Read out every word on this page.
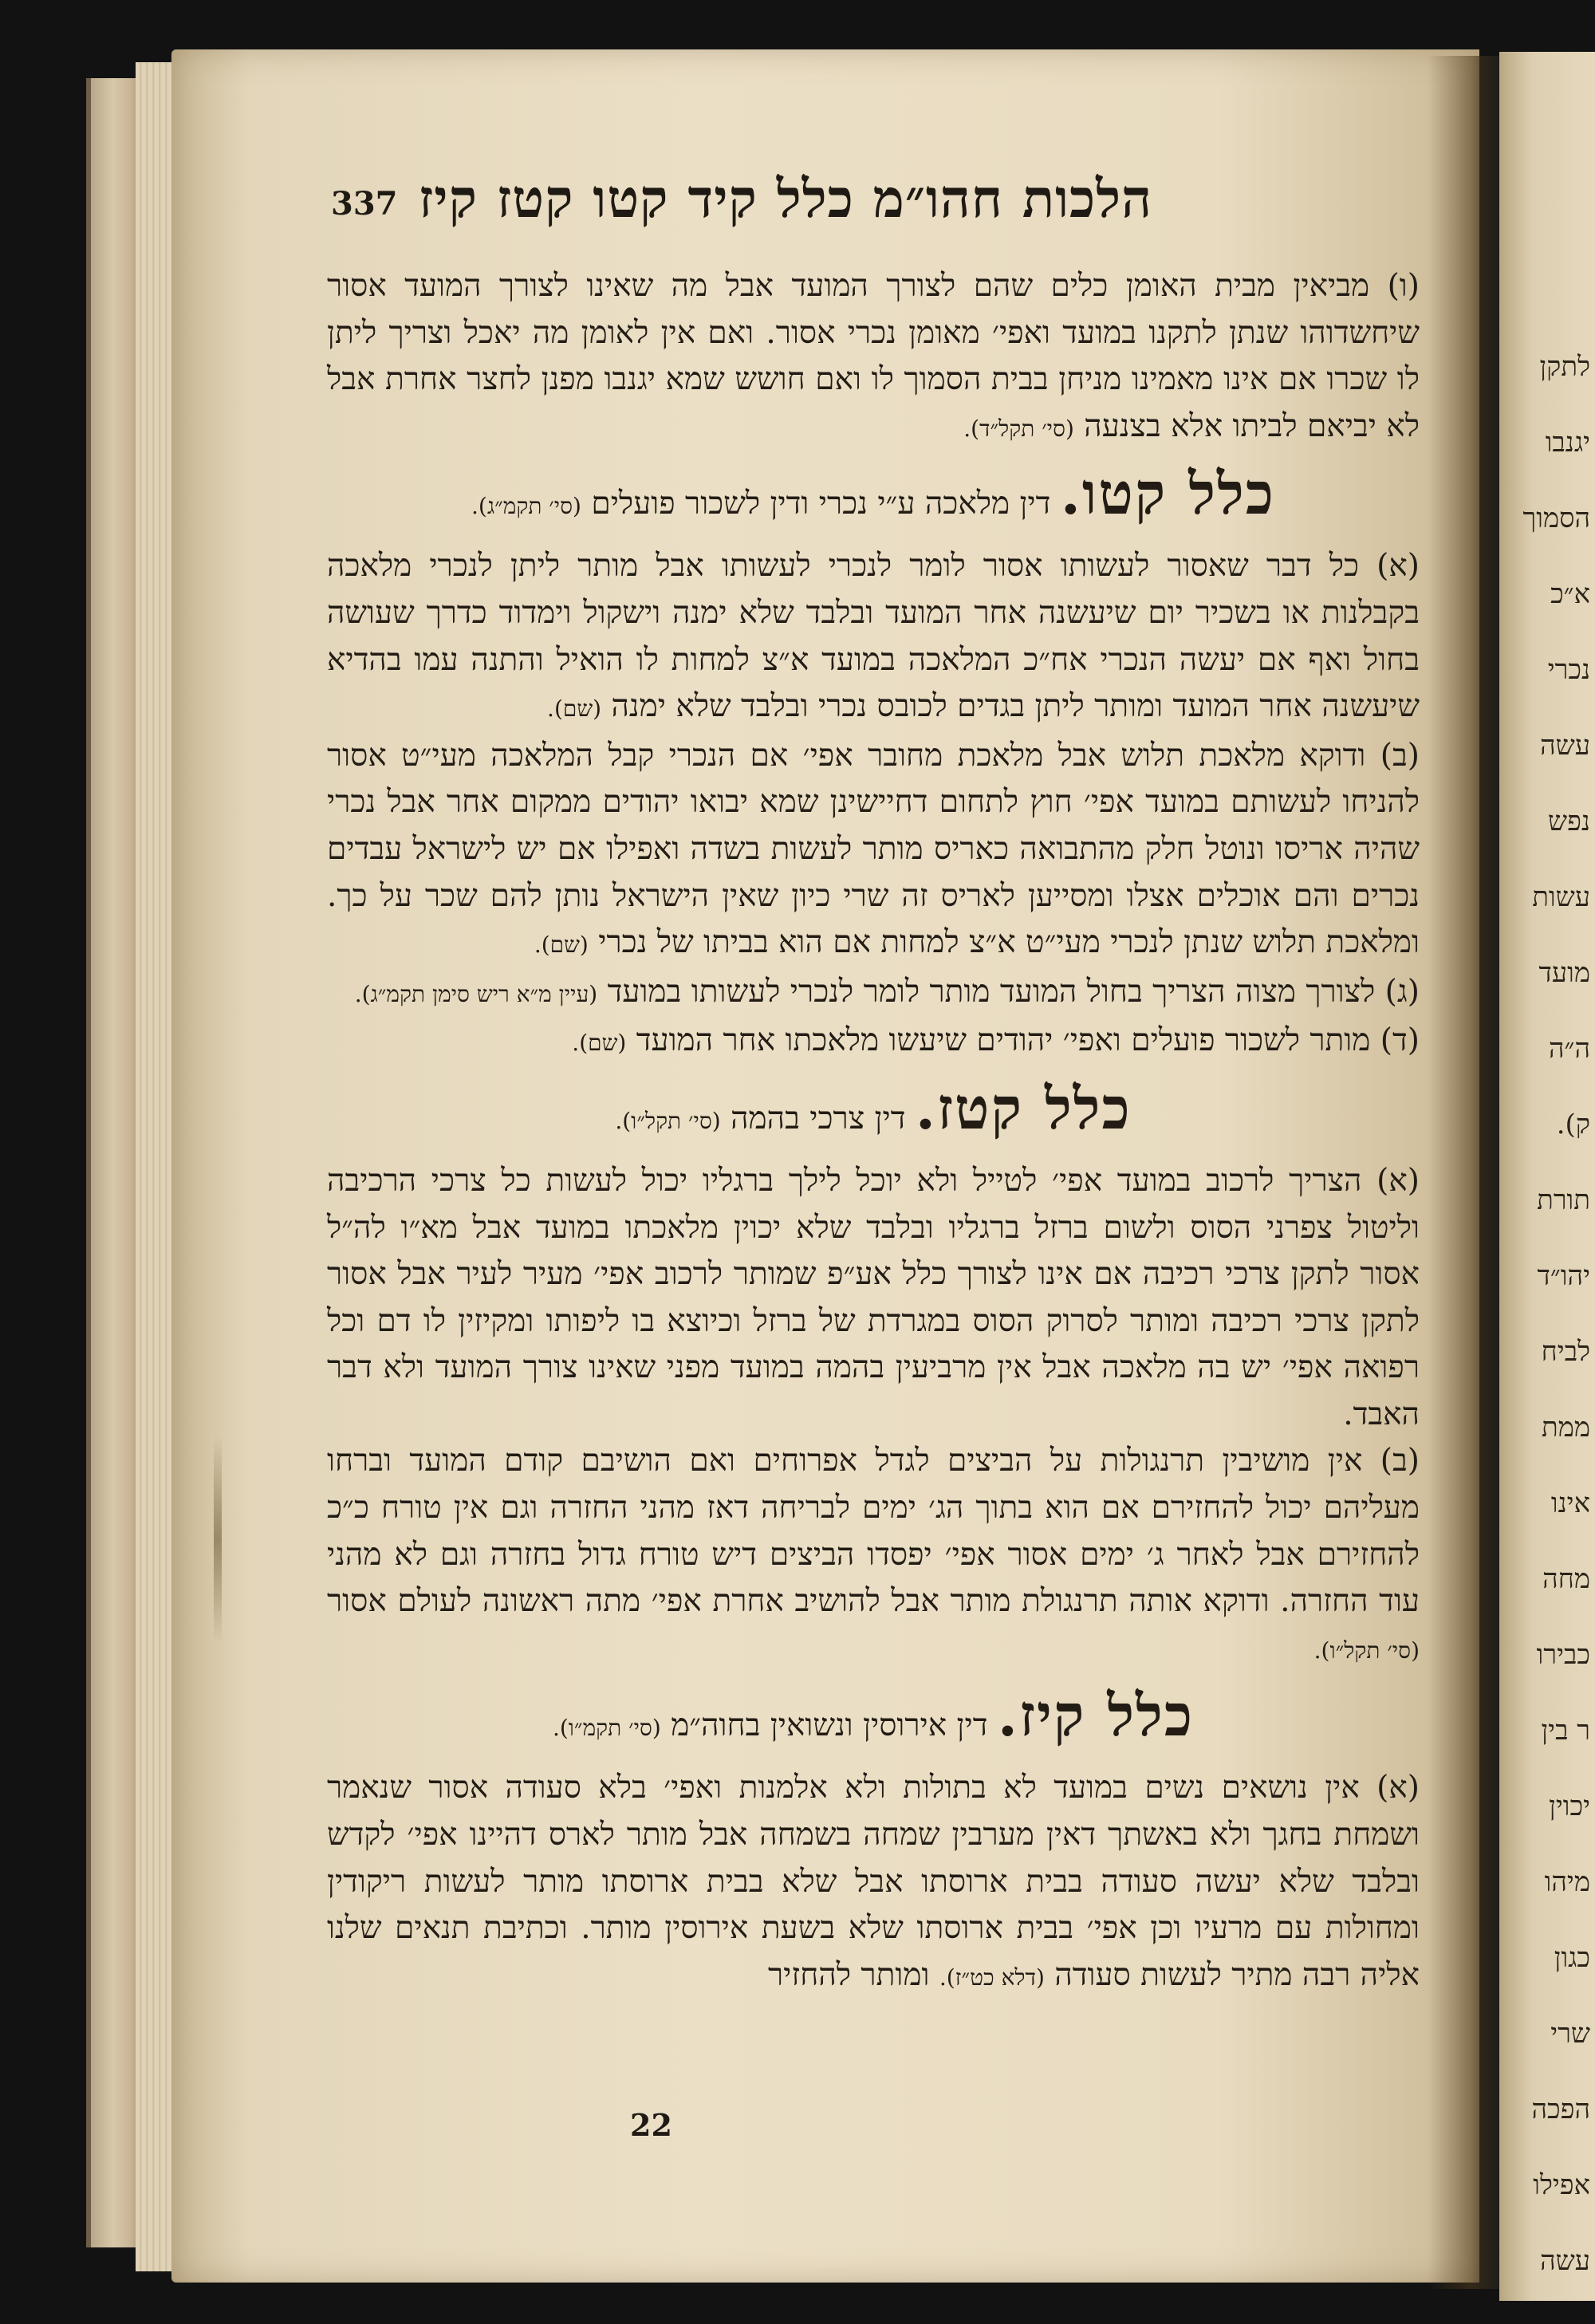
לתקן
יגנבו
הסמוך
א״כ
נכרי
עשה
נפש
עשות
מועד
ה״ה
ק).
תורת
יהו״ד
לביח
ממת
אינו
מחה
כבירו
ר בין
יכוין
מיהו
כגון
שרי
הפכה
אפילו
עשה
337 הלכות חהו״מ כלל קיד קטו קטז קיז

(ו) מביאין מבית האומן כלים שהם לצורך המועד אבל מה שאינו לצורך המועד אסור שיחשדוהו שנתן לתקנו במועד ואפי׳ מאומן נכרי אסור. ואם אין לאומן מה יאכל וצריך ליתן לו שכרו אם אינו מאמינו מניחן בבית הסמוך לו ואם חושש שמא יגנבו מפנן לחצר אחרת אבל לא יביאם לביתו אלא בצנעה (סי׳ תקל״ד).

כלל קטו. דין מלאכה ע״י נכרי ודין לשכור פועלים (סי׳ תקמ״ג).

(א) כל דבר שאסור לעשותו אסור לומר לנכרי לעשותו אבל מותר ליתן לנכרי מלאכה בקבלנות או בשכיר יום שיעשנה אחר המועד ובלבד שלא ימנה וישקול וימדוד כדרך שעושה בחול ואף אם יעשה הנכרי אח״כ המלאכה במועד א״צ למחות לו הואיל והתנה עמו בהדיא שיעשנה אחר המועד ומותר ליתן בגדים לכובס נכרי ובלבד שלא ימנה (שם).

(ב) ודוקא מלאכת תלוש אבל מלאכת מחובר אפי׳ אם הנכרי קבל המלאכה מעי״ט אסור להניחו לעשותם במועד אפי׳ חוץ לתחום דחיישינן שמא יבואו יהודים ממקום אחר אבל נכרי שהיה אריסו ונוטל חלק מהתבואה כאריס מותר לעשות בשדה ואפילו אם יש לישראל עבדים נכרים והם אוכלים אצלו ומסייען לאריס זה שרי כיון שאין הישראל נותן להם שכר על כך. ומלאכת תלוש שנתן לנכרי מעי״ט א״צ למחות אם הוא בביתו של נכרי (שם).

(ג) לצורך מצוה הצריך בחול המועד מותר לומר לנכרי לעשותו במועד (עיין מ״א ריש סימן תקמ״ג).

(ד) מותר לשכור פועלים ואפי׳ יהודים שיעשו מלאכתו אחר המועד (שם).

כלל קטז. דין צרכי בהמה (סי׳ תקל״ו).

(א) הצריך לרכוב במועד אפי׳ לטייל ולא יוכל לילך ברגליו יכול לעשות כל צרכי הרכיבה וליטול צפרני הסוס ולשום ברזל ברגליו ובלבד שלא יכוין מלאכתו במועד אבל מא״ו לה״ל אסור לתקן צרכי רכיבה אם אינו לצורך כלל אע״פ שמותר לרכוב אפי׳ מעיר לעיר אבל אסור לתקן צרכי רכיבה ומותר לסרוק הסוס במגרדת של ברזל וכיוצא בו ליפותו ומקיזין לו דם וכל רפואה אפי׳ יש בה מלאכה אבל אין מרביעין בהמה במועד מפני שאינו צורך המועד ולא דבר האבד.

(ב) אין מושיבין תרנגולות על הביצים לגדל אפרוחים ואם הושיבם קודם המועד וברחו מעליהם יכול להחזירם אם הוא בתוך הג׳ ימים לבריחה דאז מהני החזרה וגם אין טורח כ״כ להחזירם אבל לאחר ג׳ ימים אסור אפי׳ יפסדו הביצים דיש טורח גדול בחזרה וגם לא מהני עוד החזרה. ודוקא אותה תרנגולת מותר אבל להושיב אחרת אפי׳ מתה ראשונה לעולם אסור (סי׳ תקל״ו).

כלל קיז. דין אירוסין ונשואין בחוה״מ (סי׳ תקמ״ו).

(א) אין נושאים נשים במועד לא בתולות ולא אלמנות ואפי׳ בלא סעודה אסור שנאמר ושמחת בחגך ולא באשתך דאין מערבין שמחה בשמחה אבל מותר לארס דהיינו אפי׳ לקדש ובלבד שלא יעשה סעודה בבית ארוסתו אבל שלא בבית ארוסתו מותר לעשות ריקודין ומחולות עם מרעיו וכן אפי׳ בבית ארוסתו שלא בשעת אירוסין מותר. וכתיבת תנאים שלנו אליה רבה מתיר לעשות סעודה (דלא כט״ז). ומותר להחזיר

22
